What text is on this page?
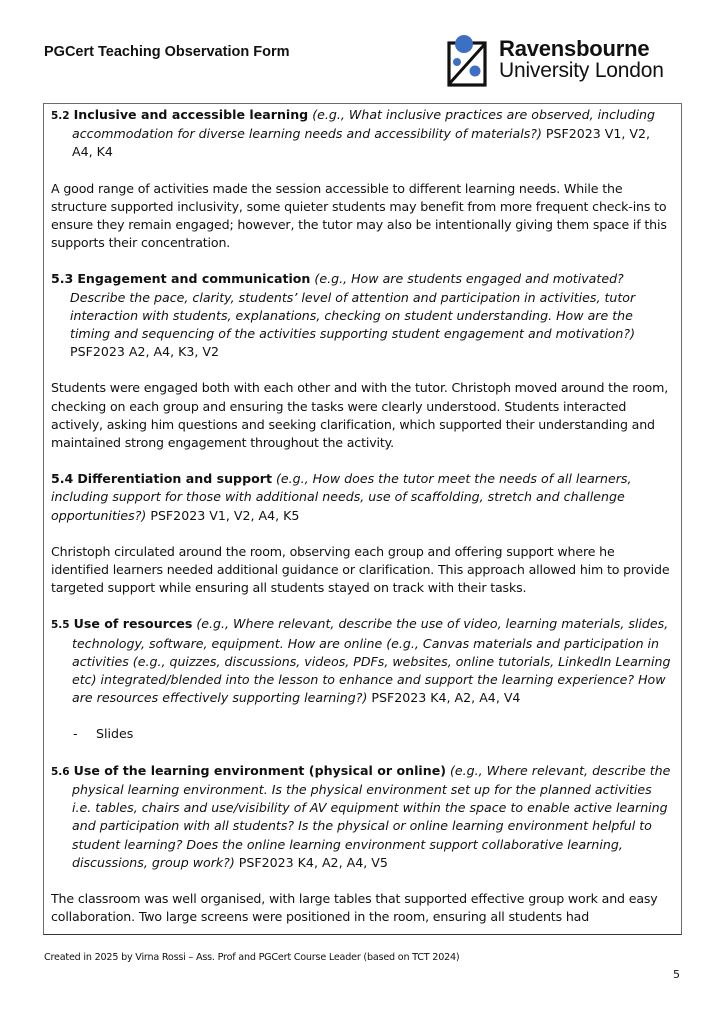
PGCert Teaching Observation Form	Ravensbourne
University London
5.2 Inclusive and accessible learning (e.g., What inclusive practices are observed, including accommodation for diverse learning needs and accessibility of materials?) PSF2023 V1, V2, A4, K4
A good range of activities made the session accessible to different learning needs. While the structure supported inclusivity, some quieter students may benefit from more frequent check-ins to ensure they remain engaged; however, the tutor may also be intentionally giving them space if this supports their concentration.
5.3 Engagement and communication (e.g., How are students engaged and motivated? Describe the pace, clarity, students’ level of attention and participation in activities, tutor interaction with students, explanations, checking on student understanding. How are the timing and sequencing of the activities supporting student engagement and motivation?) PSF2023 A2, A4, K3, V2
Students were engaged both with each other and with the tutor. Christoph moved around the room, checking on each group and ensuring the tasks were clearly understood. Students interacted actively, asking him questions and seeking clarification, which supported their understanding and maintained strong engagement throughout the activity.
5.4 Differentiation and support (e.g., How does the tutor meet the needs of all learners, including support for those with additional needs, use of scaffolding, stretch and challenge opportunities?) PSF2023 V1, V2, A4, K5
Christoph circulated around the room, observing each group and offering support where he identified learners needed additional guidance or clarification. This approach allowed him to provide targeted support while ensuring all students stayed on track with their tasks.
5.5 Use of resources (e.g., Where relevant, describe the use of video, learning materials, slides, technology, software, equipment. How are online (e.g., Canvas materials and participation in activities (e.g., quizzes, discussions, videos, PDFs, websites, online tutorials, LinkedIn Learning etc) integrated/blended into the lesson to enhance and support the learning experience? How are resources effectively supporting learning?) PSF2023 K4, A2, A4, V4
-	Slides
5.6 Use of the learning environment (physical or online) (e.g., Where relevant, describe the physical learning environment. Is the physical environment set up for the planned activities i.e. tables, chairs and use/visibility of AV equipment within the space to enable active learning and participation with all students? Is the physical or online learning environment helpful to student learning? Does the online learning environment support collaborative learning, discussions, group work?) PSF2023 K4, A2, A4, V5
The classroom was well organised, with large tables that supported effective group work and easy collaboration. Two large screens were positioned in the room, ensuring all students had
Created in 2025 by Virna Rossi – Ass. Prof and PGCert Course Leader (based on TCT 2024)
5
